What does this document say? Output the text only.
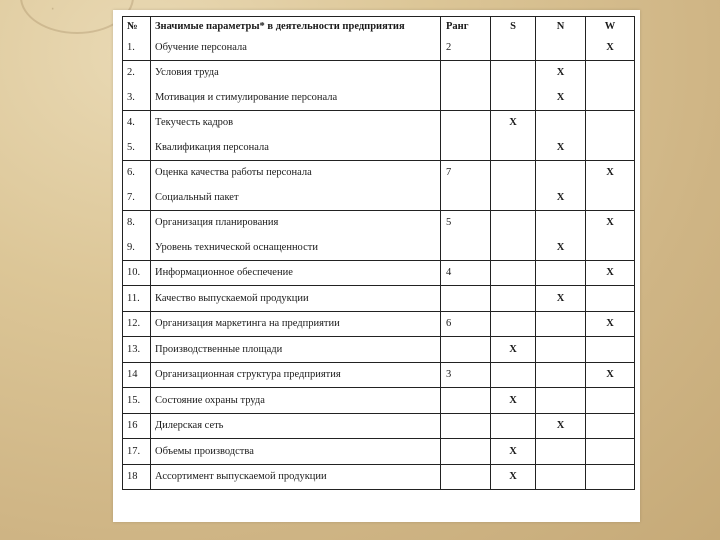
·
№	Значимые параметры* в деятельности предприятия	Ранг	S	N	W
1.	Обучение персонала	2			X
2.	Условия труда			X	
3.	Мотивация и стимулирование персонала			X	
4.	Текучесть кадров		X		
5.	Квалификация персонала			X	
6.	Оценка качества работы персонала	7			X
7.	Социальный пакет			X	
8.	Организация планирования	5			X
9.	Уровень технической оснащенности			X	
10.	Информационное обеспечение	4			X
11.	Качество выпускаемой продукции			X	
12.	Организация маркетинга на предприятии	6			X
13.	Производственные площади		X		
14	Организационная структура предприятия	3			X
15.	Состояние охраны труда		X		
16	Дилерская сеть			X	
17.	Объемы производства		X		
18	Ассортимент выпускаемой продукции		X		
